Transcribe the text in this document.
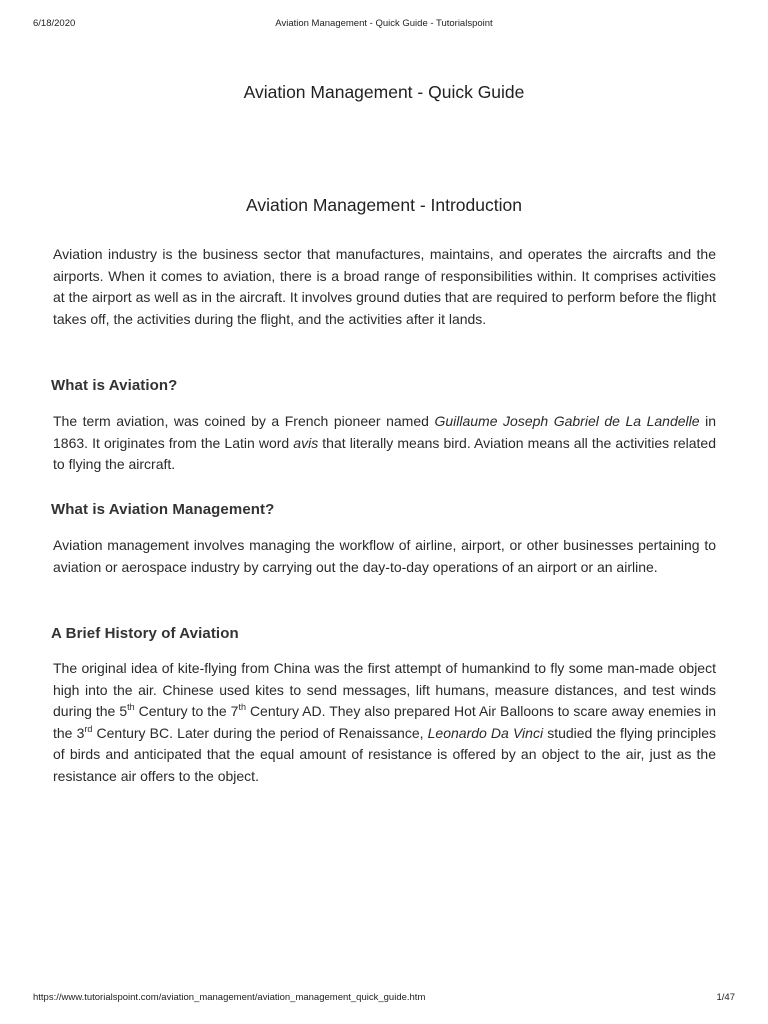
6/18/2020	Aviation Management - Quick Guide - Tutorialspoint
Aviation Management - Quick Guide
Aviation Management - Introduction

Aviation industry is the business sector that manufactures, maintains, and operates the aircrafts and the airports. When it comes to aviation, there is a broad range of responsibilities within. It comprises activities at the airport as well as in the aircraft. It involves ground duties that are required to perform before the flight takes off, the activities during the flight, and the activities after it lands.

What is Aviation?

The term aviation, was coined by a French pioneer named Guillaume Joseph Gabriel de La Landelle in 1863. It originates from the Latin word avis that literally means bird. Aviation means all the activities related to flying the aircraft.

What is Aviation Management?

Aviation management involves managing the workflow of airline, airport, or other businesses pertaining to aviation or aerospace industry by carrying out the day-to-day operations of an airport or an airline.

A Brief History of Aviation

The original idea of kite-flying from China was the first attempt of humankind to fly some man-made object high into the air. Chinese used kites to send messages, lift humans, measure distances, and test winds during the 5th Century to the 7th Century AD. They also prepared Hot Air Balloons to scare away enemies in the 3rd Century BC. Later during the period of Renaissance, Leonardo Da Vinci studied the flying principles of birds and anticipated that the equal amount of resistance is offered by an object to the air, just as the resistance air offers to the object.

https://www.tutorialspoint.com/aviation_management/aviation_management_quick_guide.htm	1/47
